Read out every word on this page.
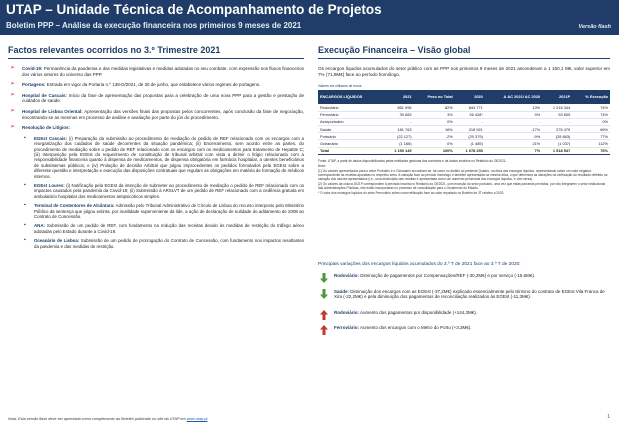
UTAP – Unidade Técnica de Acompanhamento de Projetos
Boletim PPP – Análise da execução financeira nos primeiros 9 meses de 2021	Versão flash
Factos relevantes ocorridos no 3.º Trimestre 2021	Execução Financeira – Visão global
➢ Covid-19: Permanência da pandemia e das medidas legislativas e medidas adotadas no seu combate, com expressão nos fluxos financeiros dos vários setores do universo das PPP.
➢ Portagens: Entrada em vigor da Portaria n.º 138-D/2021, de 30 de junho, que estabelece vários regimes de portagens.
➢ Hospital de Cascais: Início da fase de apresentação das propostas para a celebração de uma nova PPP para a gestão e prestação de cuidados de saúde.
➢ Hospital de Lisboa Oriental: Apresentação das versões finais das propostas pelos concorrentes, após conclusão da fase de negociação, encontrando-se as mesmas em processo de análise e avaliação por parte do júri do procedimento.
➢ Resolução de Litígios:
▪ EGEst Cascais: (i) Preparação da submissão ao procedimento de mediação do pedido de REF relacionado com os encargos com a reorganização dos cuidados de saúde decorrentes da situação pandémica; (ii) Encerramento, sem acordo entre as partes, do procedimento de mediação sobre o pedido de REF relacionado com os encargos com os medicamentos para tratamento de Hepatite C; (iii) Interposição pela EGEst do requerimento de constituição de tribunal arbitral com vista a dirimir o litígio relacionado com a responsabilidade financeira quanto à dispensa de medicamentos, de dispensa obrigatória em farmácia hospitalar, a utentes beneficiários de subsistemas públicos; e (iv) Prolação de decisão Arbitral que julgou improcedentes os pedidos formulados pela EGEst sobre a diferente questão e interpretação e execução das disposições contratuais que regulam as obrigações em matéria de formação de médicos internos.
▪ EGEst Loures: (i) Notificação pela EGEst da intenção de submeter ao procedimento de mediação o pedido de REF relacionado com os impactos causados pela pandemia da Covid-19; (ii) Submissão à ARSLVT de um pedido de REF relacionado com a cedência gratuita em ambulatório hospitalar dos medicamentos antipsicóticos simples.
▪ Terminal de Contentores de Alcântara: Admissão pelo Tribunal Administrativo de Círculo de Lisboa do recurso interposto pelo Ministério Público da sentença que julgou extinta, por inutilidade superveniente da lide, a ação de declaração de nulidade do aditamento de 2008 ao Contrato de Concessão.
▪ ANA: Submissão de um pedido de REF, com fundamento na redução das receitas devido às medidas de restrição do tráfego aéreo adotadas pelo Estado durante a Covid-19.
▪ Oceanário de Lisboa: Submissão de um pedido de prorrogação do Contrato de Concessão, com fundamento nos impactos resultantes da pandemia e das medidas de restrição.

Os encargos líquidos acumulados do setor público com as PPP nos primeiros 9 meses de 2021 ascenderam a 1 150,1 M€, valor superior em 7% (71,9M€) face ao período homólogo.

Valores em milhares de euros
ENCARGOS LÍQUIDOS	2021	Peso no Total	2020	Δ AC 2021/ AC 2020	2021P	% Execução
Rodoviário	851 996	82%	844 771	13%	1 218 344	74%
Ferroviário	39 683	3%	36 428*	9%	53 605	74%
Aeroportuário	-	0%	-	-	-	0%
Saúde	181 763	16%	218 921	-17%	276 479	66%
Portuário	(22 127)	-2%	(20 379)	-9%	(28 863)	77%
Oceanário	(1 166)	0%	(1 485)	21%	(1 037)	112%
Total	1 150 149	100%	1 078 255	7%	1 518 547	76%

Fonte: UTAP, a partir de dados disponibilizados pelas entidades gestoras dos contratos e da dados inscritos no Relatório do OE2021.

Nota:

(1) Os valores apresentados para o setor Portuário e o Oceanário encontram-se, tal como no âmbito do presente Quadro, na ótica dos encargos líquidos, representando sobre um valor negativo correspondente às receitas apuradas no respetivo setor. A variação face ao período homólogo é também apresentada na mesma ótica, o que determina as variações na verificação do resultado refletido na variação dos valores apresentados (i.e., uma diminuição das receitas é apresentada como um aumento percentual dos encargos líquidos, e vice-versa).

(2) Os valores da coluna 2021P correspondem à previsão inscrita no Relatório do OE2021, com exceção do setor portuário, uma vez que estas parcerias previstas, por não integrarem o setor institucional das Administrações Públicas, não estão incorporadas no processo de consolidação para o Orçamento do Estado.

* O valor dos encargos líquidos do setor Ferroviário sofreu uma retificação face ao valor reportado no Boletim de 3T relativo a 2020.

Principais variações dos encargos líquidos acumulados do 3.º T de 2021 face ao 3.º T de 2020:
Rodoviário: Diminuição de pagamentos por Compensações/REF (-30,2M€) e por serviço (-15,6M€).
Saúde: Diminuição dos encargos com as EGEst (-37,2M€) explicado essencialmente pelo término do contrato de EGEst Vila Franca de Xira (-22,2M€) e pela diminuição dos pagamentos de reconciliação realizados às EGEst (-11,3M€).
Rodoviário: Aumento dos pagamentos por disponibilidade (+144,3M€).
Ferroviário: Aumento dos encargos com o Metro do Porto (+3,3M€).
Nota: Esta versão flash deve ser apreciada como complemento ao Boletim publicado no site da UTAP em www.utap.pt	1
